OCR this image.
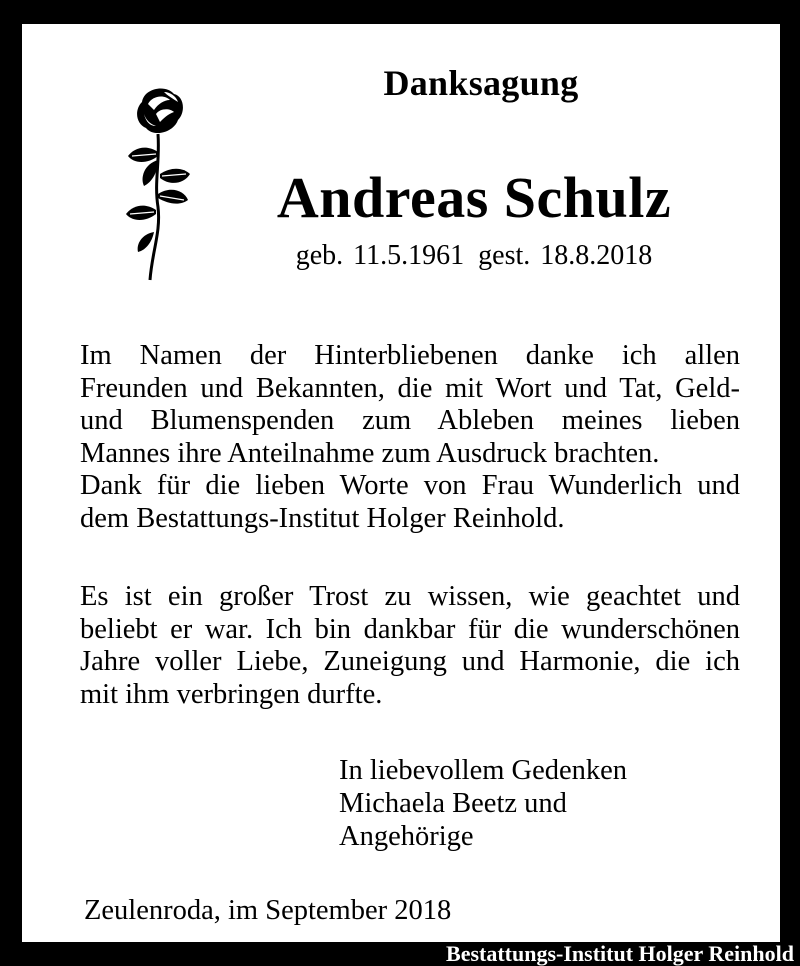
Danksagung
Andreas Schulz
geb. 11.5.1961 gest. 18.8.2018
Im Namen der Hinterbliebenen danke ich allen
Freunden und Bekannten, die mit Wort und Tat, Geld-
und Blumenspenden zum Ableben meines lieben
Mannes ihre Anteilnahme zum Ausdruck brachten.
Dank für die lieben Worte von Frau Wunderlich und
dem Bestattungs-Institut Holger Reinhold.
Es ist ein großer Trost zu wissen, wie geachtet und
beliebt er war. Ich bin dankbar für die wunderschönen
Jahre voller Liebe, Zuneigung und Harmonie, die ich
mit ihm verbringen durfte.
In liebevollem Gedenken
Michaela Beetz und
Angehörige
Zeulenroda, im September 2018
Bestattungs-Institut Holger Reinhold
